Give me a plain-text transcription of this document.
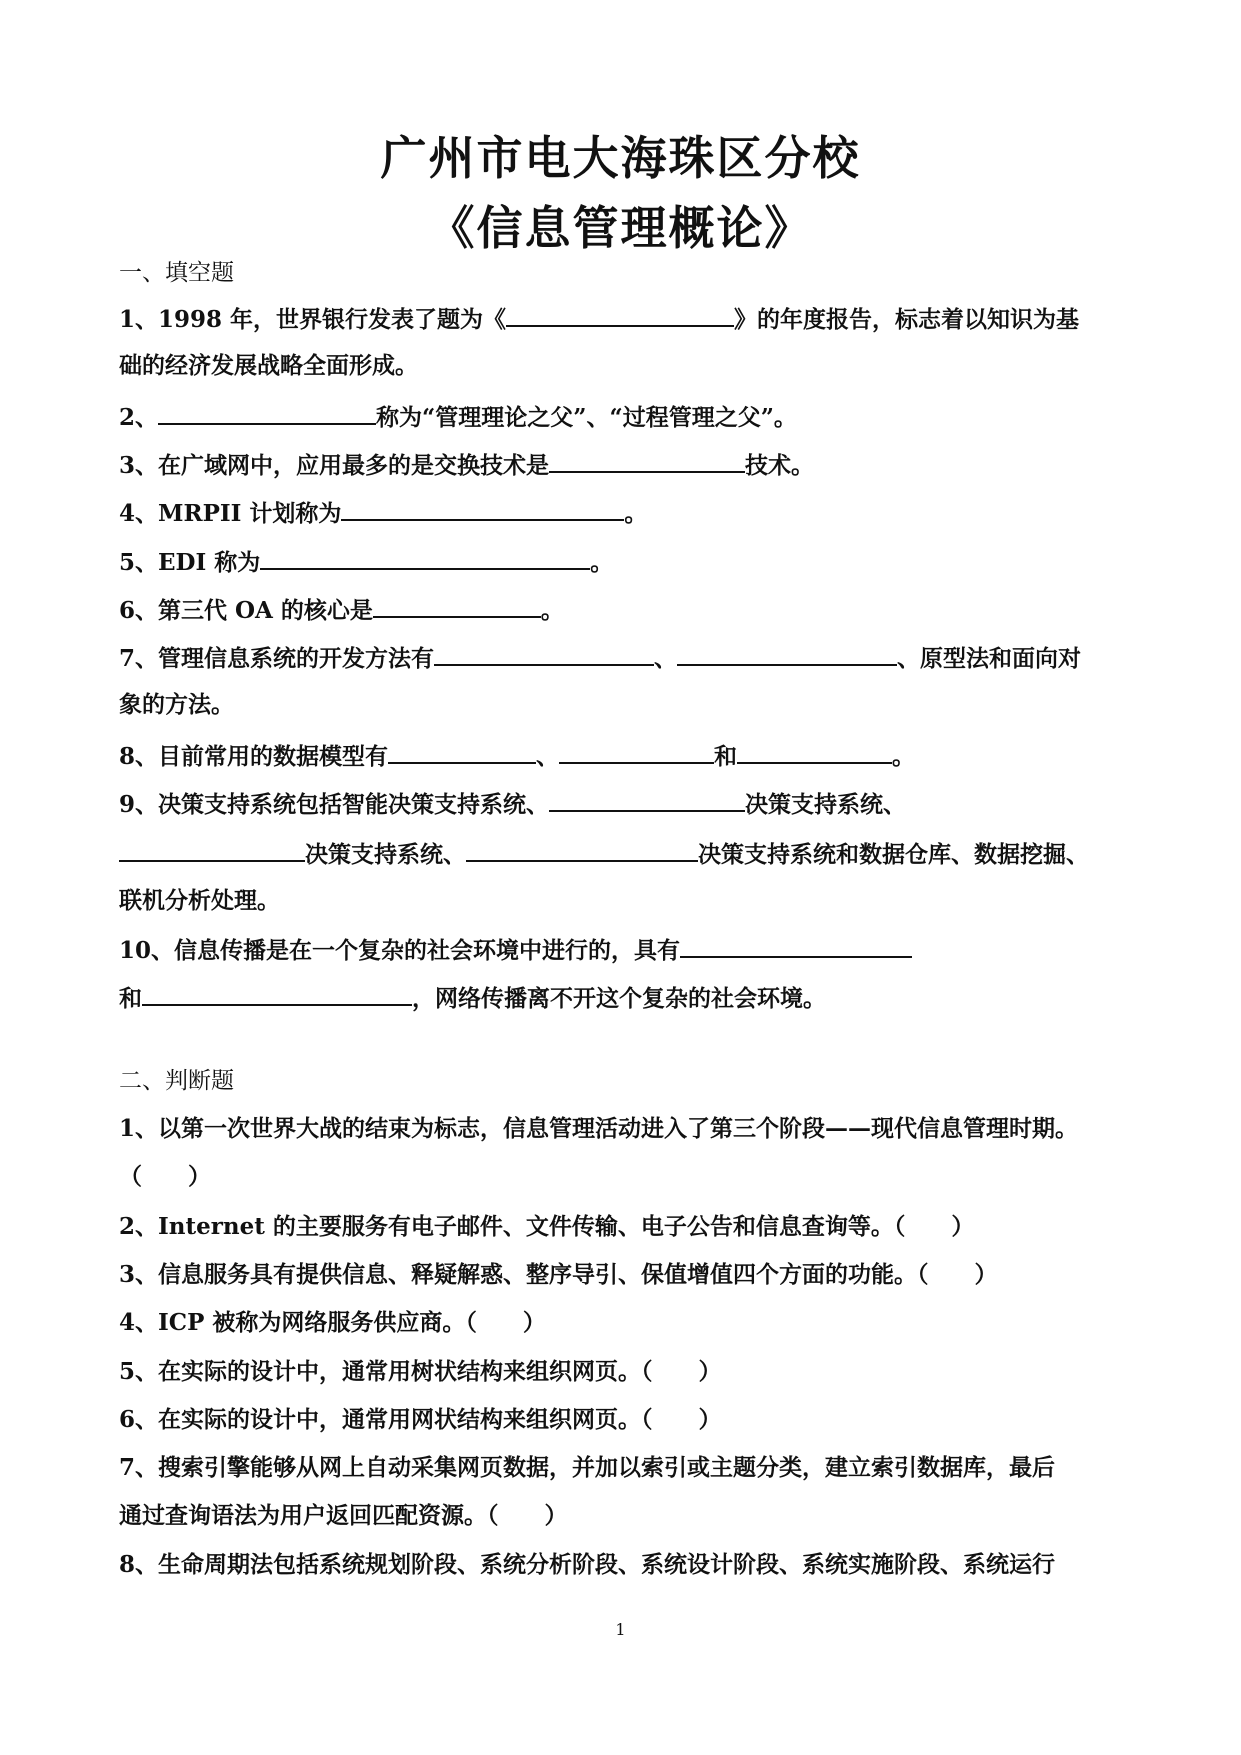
广州市电大海珠区分校
《信息管理概论》
一、填空题
1、1998 年，世界银行发表了题为《	》的年度报告，标志着以知识为基
础的经济发展战略全面形成。
2、	称为“管理理论之父”、“过程管理之父”。
3、在广域网中，应用最多的是交换技术是	技术。
4、MRPII 计划称为	。
5、EDI 称为	。
6、第三代 OA 的核心是	。
7、管理信息系统的开发方法有	、	、原型法和面向对
象的方法。
8、目前常用的数据模型有	、	和	。
9、决策支持系统包括智能决策支持系统、	决策支持系统、
决策支持系统、	决策支持系统和数据仓库、数据挖掘、
联机分析处理。
10、信息传播是在一个复杂的社会环境中进行的，具有
和	，网络传播离不开这个复杂的社会环境。
二、判断题
1、以第一次世界大战的结束为标志，信息管理活动进入了第三个阶段——现代信息管理时期。
（　　）
2、Internet 的主要服务有电子邮件、文件传输、电子公告和信息查询等。（　　）
3、信息服务具有提供信息、释疑解惑、整序导引、保值增值四个方面的功能。（　　）
4、ICP 被称为网络服务供应商。（　　）
5、在实际的设计中，通常用树状结构来组织网页。（　　）
6、在实际的设计中，通常用网状结构来组织网页。（　　）
7、搜索引擎能够从网上自动采集网页数据，并加以索引或主题分类，建立索引数据库，最后
通过查询语法为用户返回匹配资源。（　　）
8、生命周期法包括系统规划阶段、系统分析阶段、系统设计阶段、系统实施阶段、系统运行
1
